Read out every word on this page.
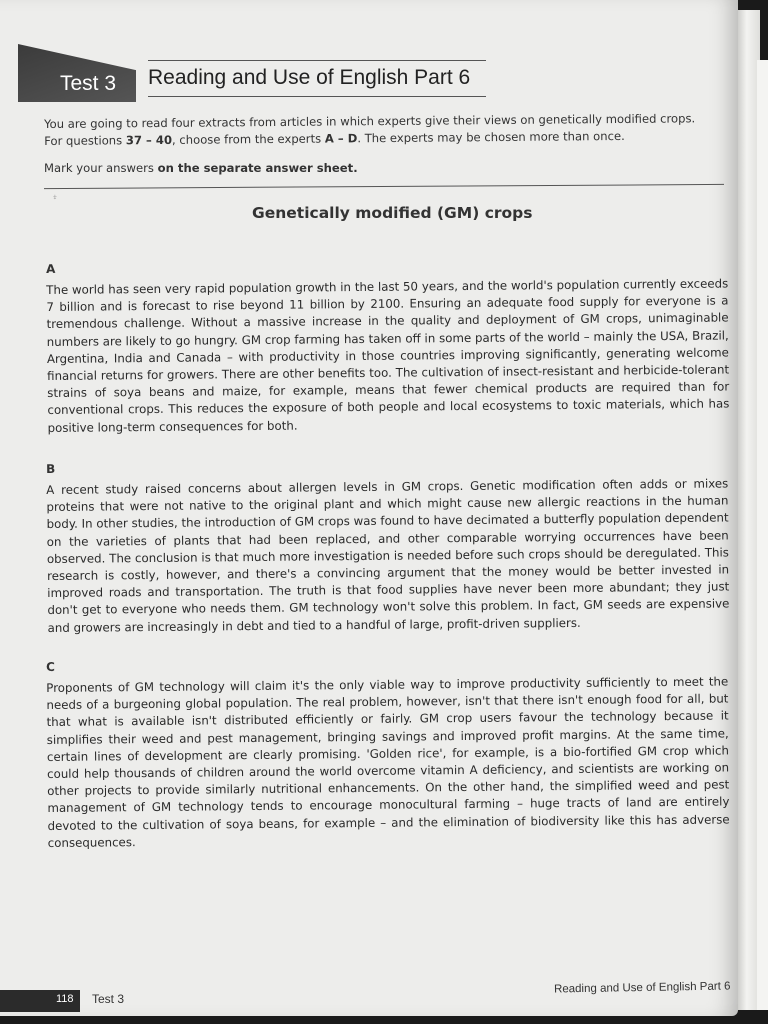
Test 3 Reading and Use of English Part 6
You are going to read four extracts from articles in which experts give their views on genetically modified crops.
For questions 37 – 40, choose from the experts A – D. The experts may be chosen more than once.
Mark your answers on the separate answer sheet.
⍖
Genetically modified (GM) crops
A

The world has seen very rapid population growth in the last 50 years, and the world's population currently exceeds 7 billion and is forecast to rise beyond 11 billion by 2100. Ensuring an adequate food supply for everyone is a tremendous challenge. Without a massive increase in the quality and deployment of GM crops, unimaginable numbers are likely to go hungry. GM crop farming has taken off in some parts of the world – mainly the USA, Brazil, Argentina, India and Canada – with productivity in those countries improving significantly, generating welcome financial returns for growers. There are other benefits too. The cultivation of insect-resistant and herbicide-tolerant strains of soya beans and maize, for example, means that fewer chemical products are required than for conventional crops. This reduces the exposure of both people and local ecosystems to toxic materials, which has positive long-term consequences for both.

B

A recent study raised concerns about allergen levels in GM crops. Genetic modification often adds or mixes proteins that were not native to the original plant and which might cause new allergic reactions in the human body. In other studies, the introduction of GM crops was found to have decimated a butterfly population dependent on the varieties of plants that had been replaced, and other comparable worrying occurrences have been observed. The conclusion is that much more investigation is needed before such crops should be deregulated. This research is costly, however, and there's a convincing argument that the money would be better invested in improved roads and transportation. The truth is that food supplies have never been more abundant; they just don't get to everyone who needs them. GM technology won't solve this problem. In fact, GM seeds are expensive and growers are increasingly in debt and tied to a handful of large, profit-driven suppliers.

C

Proponents of GM technology will claim it's the only viable way to improve productivity sufficiently to meet the needs of a burgeoning global population. The real problem, however, isn't that there isn't enough food for all, but that what is available isn't distributed efficiently or fairly. GM crop users favour the technology because it simplifies their weed and pest management, bringing savings and improved profit margins. At the same time, certain lines of development are clearly promising. 'Golden rice', for example, is a bio-fortified GM crop which could help thousands of children around the world overcome vitamin A deficiency, and scientists are working on other projects to provide similarly nutritional enhancements. On the other hand, the simplified weed and pest management of GM technology tends to encourage monocultural farming – huge tracts of land are entirely devoted to the cultivation of soya beans, for example – and the elimination of biodiversity like this has adverse consequences.

118 Test 3
Reading and Use of English Part 6
